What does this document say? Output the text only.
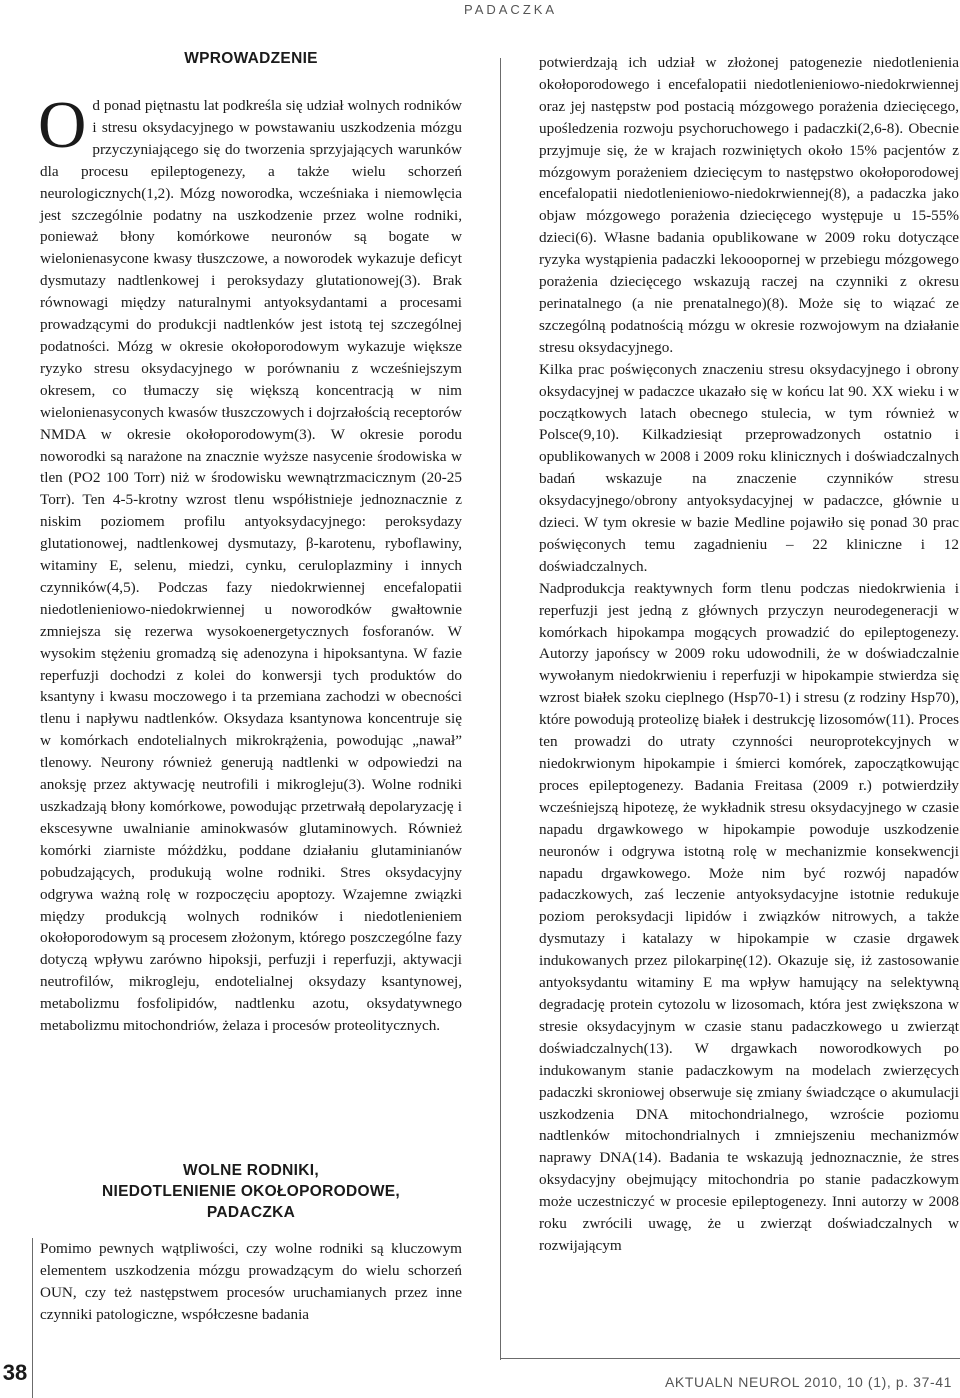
PADACZKA
WPROWADZENIE

Od ponad piętnastu lat podkreśla się udział wolnych rodników i stresu oksydacyjnego w powstawaniu uszkodzenia mózgu przyczyniającego się do tworzenia sprzyjających warunków dla procesu epileptogenezy, a także wielu schorzeń neurologicznych(1,2). Mózg noworodka, wcześniaka i niemowlęcia jest szczególnie podatny na uszkodzenie przez wolne rodniki, ponieważ błony komórkowe neuronów są bogate w wielonienasycone kwasy tłuszczowe, a noworodek wykazuje deficyt dysmutazy nadtlenkowej i peroksydazy glutationowej(3). Brak równowagi między naturalnymi antyoksydantami a procesami prowadzącymi do produkcji nadtlenków jest istotą tej szczególnej podatności. Mózg w okresie okołoporodowym wykazuje większe ryzyko stresu oksydacyjnego w porównaniu z wcześniejszym okresem, co tłumaczy się większą koncentracją w nim wielonienasyconych kwasów tłuszczowych i dojrzałością receptorów NMDA w okresie okołoporodowym(3). W okresie porodu noworodki są narażone na znacznie wyższe nasycenie środowiska w tlen (PO2 100 Torr) niż w środowisku wewnątrzmacicznym (20-25 Torr). Ten 4-5-krotny wzrost tlenu współistnieje jednoznacznie z niskim poziomem profilu antyoksydacyjnego: peroksydazy glutationowej, nadtlenkowej dysmutazy, β-karotenu, ryboflawiny, witaminy E, selenu, miedzi, cynku, ceruloplazminy i innych czynników(4,5). Podczas fazy niedokrwiennej encefalopatii niedotlenieniowo-niedokrwiennej u noworodków gwałtownie zmniejsza się rezerwa wysokoenergetycznych fosforanów. W wysokim stężeniu gromadzą się adenozyna i hipoksantyna. W fazie reperfuzji dochodzi z kolei do konwersji tych produktów do ksantyny i kwasu moczowego i ta przemiana zachodzi w obecności tlenu i napływu nadtlenków. Oksydaza ksantynowa koncentruje się w komórkach endotelialnych mikrokrążenia, powodując „nawał” tlenowy. Neurony również generują nadtlenki w odpowiedzi na anoksję przez aktywację neutrofili i mikrogleju(3). Wolne rodniki uszkadzają błony komórkowe, powodując przetrwałą depolaryzację i ekscesywne uwalnianie aminokwasów glutaminowych. Również komórki ziarniste móżdżku, poddane działaniu glutaminianów pobudzających, produkują wolne rodniki. Stres oksydacyjny odgrywa ważną rolę w rozpoczęciu apoptozy. Wzajemne związki między produkcją wolnych rodników i niedotlenieniem okołoporodowym są procesem złożonym, którego poszczególne fazy dotyczą wpływu zarówno hipoksji, perfuzji i reperfuzji, aktywacji neutrofilów, mikrogleju, endotelialnej oksydazy ksantynowej, metabolizmu fosfolipidów, nadtlenku azotu, oksydatywnego metabolizmu mitochondriów, żelaza i procesów proteolitycznych.

WOLNE RODNIKI,
NIEDOTLENIENIE OKOŁOPORODOWE,
PADACZKA

Pomimo pewnych wątpliwości, czy wolne rodniki są kluczowym elementem uszkodzenia mózgu prowadzącym do wielu schorzeń OUN, czy też następstwem procesów uruchamianych przez inne czynniki patologiczne, współczesne badania

potwierdzają ich udział w złożonej patogenezie niedotlenienia okołoporodowego i encefalopatii niedotlenieniowo-niedokrwiennej oraz jej następstw pod postacią mózgowego porażenia dziecięcego, upośledzenia rozwoju psychoruchowego i padaczki(2,6-8). Obecnie przyjmuje się, że w krajach rozwiniętych około 15% pacjentów z mózgowym porażeniem dziecięcym to następstwo okołoporodowej encefalopatii niedotlenieniowo-niedokrwiennej(8), a padaczka jako objaw mózgowego porażenia dziecięcego występuje u 15-55% dzieci(6). Własne badania opublikowane w 2009 roku dotyczące ryzyka wystąpienia padaczki lekooopornej w przebiegu mózgowego porażenia dziecięcego wskazują raczej na czynniki z okresu perinatalnego (a nie prenatalnego)(8). Może się to wiązać ze szczególną podatnością mózgu w okresie rozwojowym na działanie stresu oksydacyjnego.

Kilka prac poświęconych znaczeniu stresu oksydacyjnego i obrony oksydacyjnej w padaczce ukazało się w końcu lat 90. XX wieku i w początkowych latach obecnego stulecia, w tym również w Polsce(9,10). Kilkadziesiąt przeprowadzonych ostatnio i opublikowanych w 2008 i 2009 roku klinicznych i doświadczalnych badań wskazuje na znaczenie czynników stresu oksydacyjnego/obrony antyoksydacyjnej w padaczce, głównie u dzieci. W tym okresie w bazie Medline pojawiło się ponad 30 prac poświęconych temu zagadnieniu – 22 kliniczne i 12 doświadczalnych.

Nadprodukcja reaktywnych form tlenu podczas niedokrwienia i reperfuzji jest jedną z głównych przyczyn neurodegeneracji w komórkach hipokampa mogących prowadzić do epileptogenezy. Autorzy japońscy w 2009 roku udowodnili, że w doświadczalnie wywołanym niedokrwieniu i reperfuzji w hipokampie stwierdza się wzrost białek szoku cieplnego (Hsp70-1) i stresu (z rodziny Hsp70), które powodują proteolizę białek i destrukcję lizosomów(11). Proces ten prowadzi do utraty czynności neuroprotekcyjnych w niedokrwionym hipokampie i śmierci komórek, zapoczątkowując proces epileptogenezy. Badania Freitasa (2009 r.) potwierdziły wcześniejszą hipotezę, że wykładnik stresu oksydacyjnego w czasie napadu drgawkowego w hipokampie powoduje uszkodzenie neuronów i odgrywa istotną rolę w mechanizmie konsekwencji napadu drgawkowego. Może nim być rozwój napadów padaczkowych, zaś leczenie antyoksydacyjne istotnie redukuje poziom peroksydacji lipidów i związków nitrowych, a także dysmutazy i katalazy w hipokampie w czasie drgawek indukowanych przez pilokarpinę(12). Okazuje się, iż zastosowanie antyoksydantu witaminy E ma wpływ hamujący na selektywną degradację protein cytozolu w lizosomach, która jest zwiększona w stresie oksydacyjnym w czasie stanu padaczkowego u zwierząt doświadczalnych(13). W drgawkach noworodkowych po indukowanym stanie padaczkowym na modelach zwierzęcych padaczki skroniowej obserwuje się zmiany świadczące o akumulacji uszkodzenia DNA mitochondrialnego, wzroście poziomu nadtlenków mitochondrialnych i zmniejszeniu mechanizmów naprawy DNA(14). Badania te wskazują jednoznacznie, że stres oksydacyjny obejmujący mitochondria po stanie padaczkowym może uczestniczyć w procesie epileptogenezy. Inni autorzy w 2008 roku zwrócili uwagę, że u zwierząt doświadczalnych w rozwijającym

38	AKTUALN NEUROL 2010, 10 (1), p. 37-41
